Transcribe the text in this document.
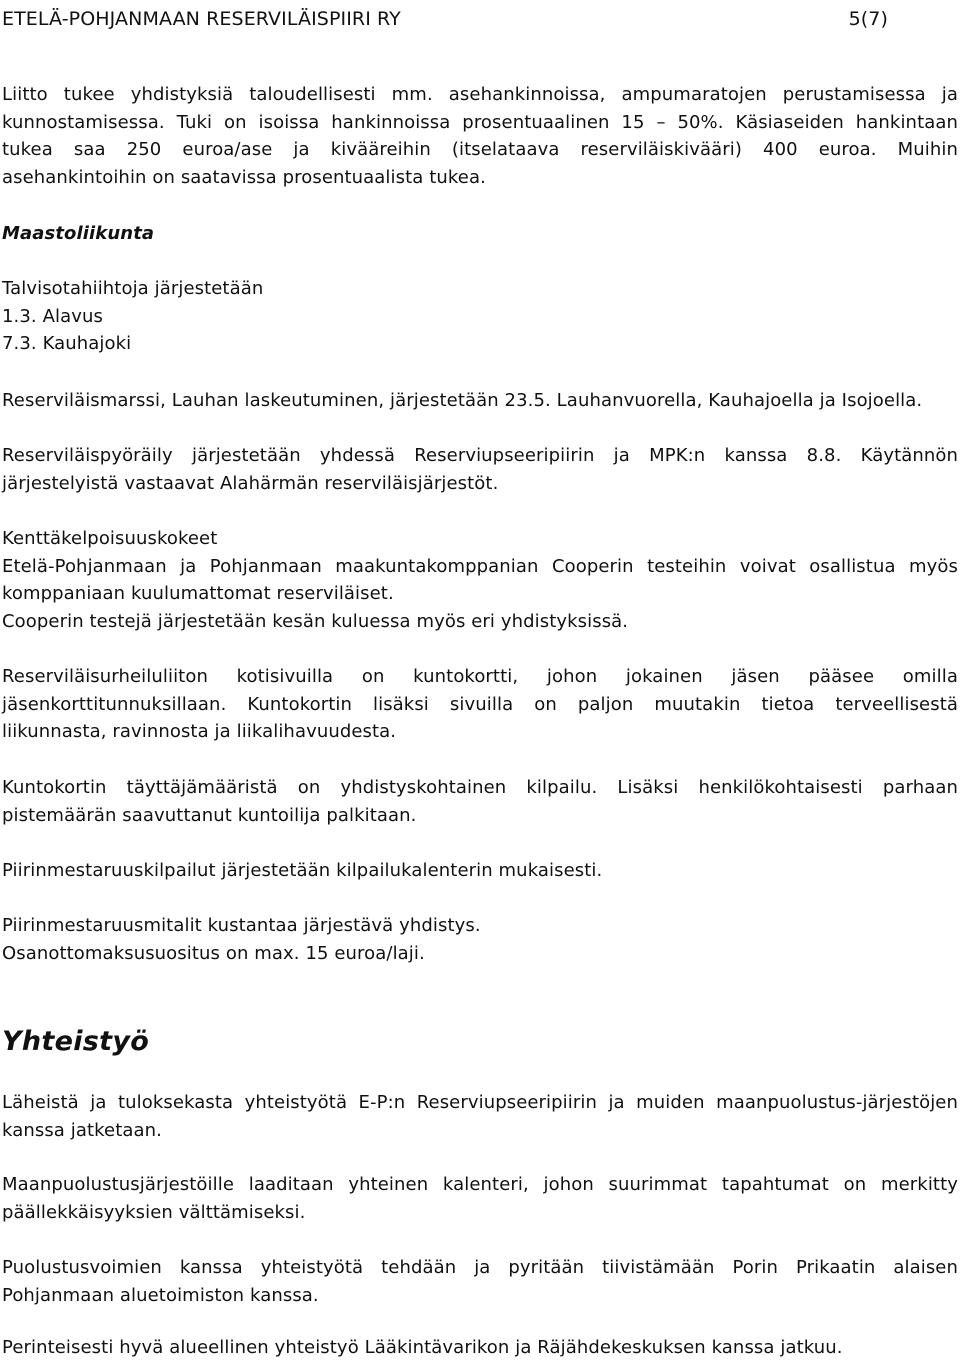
ETELÄ-POHJANMAAN RESERVILÄISPIIRI RY	5(7)
Liitto tukee yhdistyksiä taloudellisesti mm. asehankinnoissa, ampumaratojen perustamisessa ja
kunnostamisessa. Tuki on isoissa hankinnoissa prosentuaalinen 15 – 50%. Käsiaseiden hankintaan
tukea saa 250 euroa/ase ja kivääreihin (itselataava reserviläiskivääri) 400 euroa. Muihin
asehankintoihin on saatavissa prosentuaalista tukea.
Maastoliikunta
Talvisotahiihtoja järjestetään
1.3. Alavus
7.3. Kauhajoki
Reserviläismarssi, Lauhan laskeutuminen, järjestetään 23.5. Lauhanvuorella, Kauhajoella ja Isojoella.
Reserviläispyöräily järjestetään yhdessä Reserviupseeripiirin ja MPK:n kanssa 8.8. Käytännön
järjestelyistä vastaavat Alahärmän reserviläisjärjestöt.
Kenttäkelpoisuuskokeet
Etelä-Pohjanmaan ja Pohjanmaan maakuntakomppanian Cooperin testeihin voivat osallistua myös
komppaniaan kuulumattomat reserviläiset.
Cooperin testejä järjestetään kesän kuluessa myös eri yhdistyksissä.
Reserviläisurheiluliiton kotisivuilla on kuntokortti, johon jokainen jäsen pääsee omilla
jäsenkorttitunnuksillaan. Kuntokortin lisäksi sivuilla on paljon muutakin tietoa terveellisestä
liikunnasta, ravinnosta ja liikalihavuudesta.
Kuntokortin täyttäjämääristä on yhdistyskohtainen kilpailu. Lisäksi henkilökohtaisesti parhaan
pistemäärän saavuttanut kuntoilija palkitaan.
Piirinmestaruuskilpailut järjestetään kilpailukalenterin mukaisesti.
Piirinmestaruusmitalit kustantaa järjestävä yhdistys.
Osanottomaksusuositus on max. 15 euroa/laji.
Yhteistyö
Läheistä ja tuloksekasta yhteistyötä E-P:n Reserviupseeripiirin ja muiden maanpuolustus-järjestöjen
kanssa jatketaan.
Maanpuolustusjärjestöille laaditaan yhteinen kalenteri, johon suurimmat tapahtumat on merkitty
päällekkäisyyksien välttämiseksi.
Puolustusvoimien kanssa yhteistyötä tehdään ja pyritään tiivistämään Porin Prikaatin alaisen
Pohjanmaan aluetoimiston kanssa.
Perinteisesti hyvä alueellinen yhteistyö Lääkintävarikon ja Räjähdekeskuksen kanssa jatkuu.
